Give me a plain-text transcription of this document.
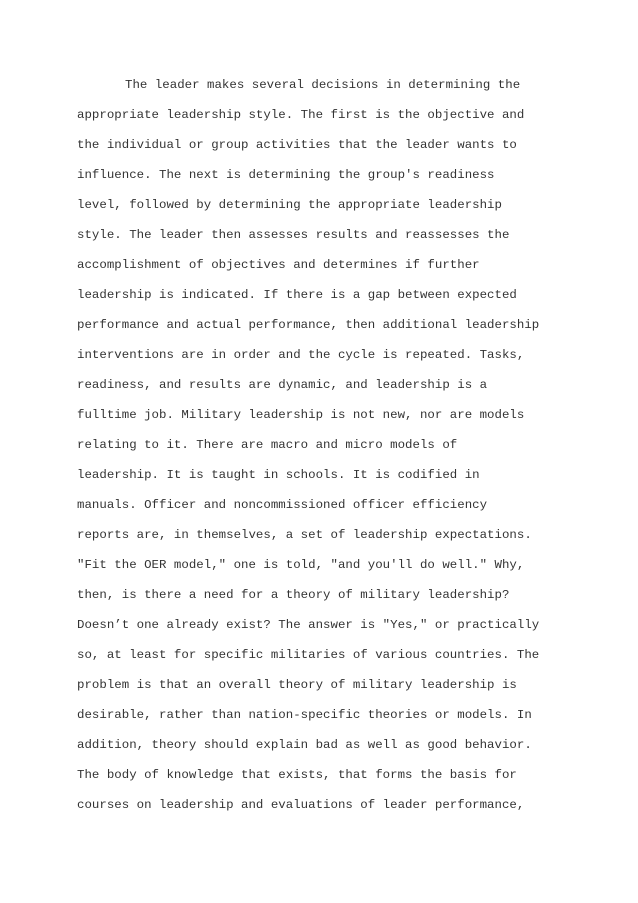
The leader makes several decisions in determining the
appropriate leadership style. The first is the objective and
the individual or group activities that the leader wants to
influence. The next is determining the group's readiness
level, followed by determining the appropriate leadership
style. The leader then assesses results and reassesses the
accomplishment of objectives and determines if further
leadership is indicated. If there is a gap between expected
performance and actual performance, then additional leadership
interventions are in order and the cycle is repeated. Tasks,
readiness, and results are dynamic, and leadership is a
fulltime job. Military leadership is not new, nor are models
relating to it. There are macro and micro models of
leadership. It is taught in schools. It is codified in
manuals. Officer and noncommissioned officer efficiency
reports are, in themselves, a set of leadership expectations.
"Fit the OER model," one is told, "and you'll do well." Why,
then, is there a need for a theory of military leadership?
Doesn’t one already exist? The answer is "Yes," or practically
so, at least for specific militaries of various countries. The
problem is that an overall theory of military leadership is
desirable, rather than nation-specific theories or models. In
addition, theory should explain bad as well as good behavior.
The body of knowledge that exists, that forms the basis for
courses on leadership and evaluations of leader performance,
